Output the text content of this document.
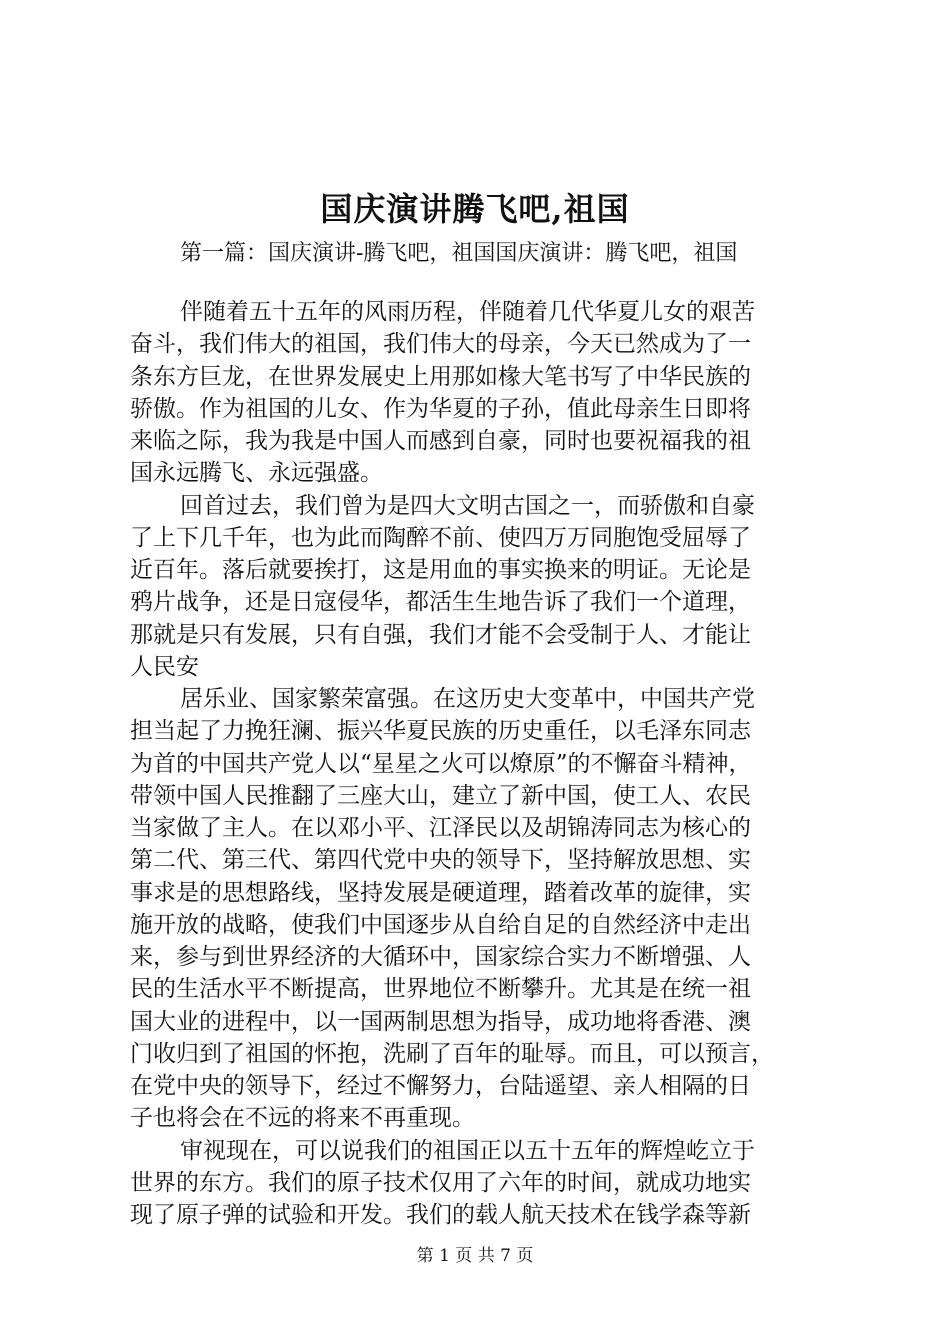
国庆演讲腾飞吧,祖国

第一篇：国庆演讲-腾飞吧，祖国国庆演讲：腾飞吧，祖国

伴随着五十五年的风雨历程，伴随着几代华夏儿女的艰苦
奋斗，我们伟大的祖国，我们伟大的母亲，今天已然成为了一
条东方巨龙，在世界发展史上用那如椽大笔书写了中华民族的
骄傲。作为祖国的儿女、作为华夏的子孙，值此母亲生日即将
来临之际，我为我是中国人而感到自豪，同时也要祝福我的祖
国永远腾飞、永远强盛。
回首过去，我们曾为是四大文明古国之一，而骄傲和自豪
了上下几千年，也为此而陶醉不前、使四万万同胞饱受屈辱了
近百年。落后就要挨打，这是用血的事实换来的明证。无论是
鸦片战争，还是日寇侵华，都活生生地告诉了我们一个道理，
那就是只有发展，只有自强，我们才能不会受制于人、才能让
人民安
居乐业、国家繁荣富强。在这历史大变革中，中国共产党
担当起了力挽狂澜、振兴华夏民族的历史重任，以毛泽东同志
为首的中国共产党人以“星星之火可以燎原”的不懈奋斗精神，
带领中国人民推翻了三座大山，建立了新中国，使工人、农民
当家做了主人。在以邓小平、江泽民以及胡锦涛同志为核心的
第二代、第三代、第四代党中央的领导下，坚持解放思想、实
事求是的思想路线，坚持发展是硬道理，踏着改革的旋律，实
施开放的战略，使我们中国逐步从自给自足的自然经济中走出
来，参与到世界经济的大循环中，国家综合实力不断增强、人
民的生活水平不断提高，世界地位不断攀升。尤其是在统一祖
国大业的进程中，以一国两制思想为指导，成功地将香港、澳
门收归到了祖国的怀抱，洗刷了百年的耻辱。而且，可以预言，
在党中央的领导下，经过不懈努力，台陆遥望、亲人相隔的日
子也将会在不远的将来不再重现。
审视现在，可以说我们的祖国正以五十五年的辉煌屹立于
世界的东方。我们的原子技术仅用了六年的时间，就成功地实
现了原子弹的试验和开发。我们的载人航天技术在钱学森等新
第 1 页 共 7 页
